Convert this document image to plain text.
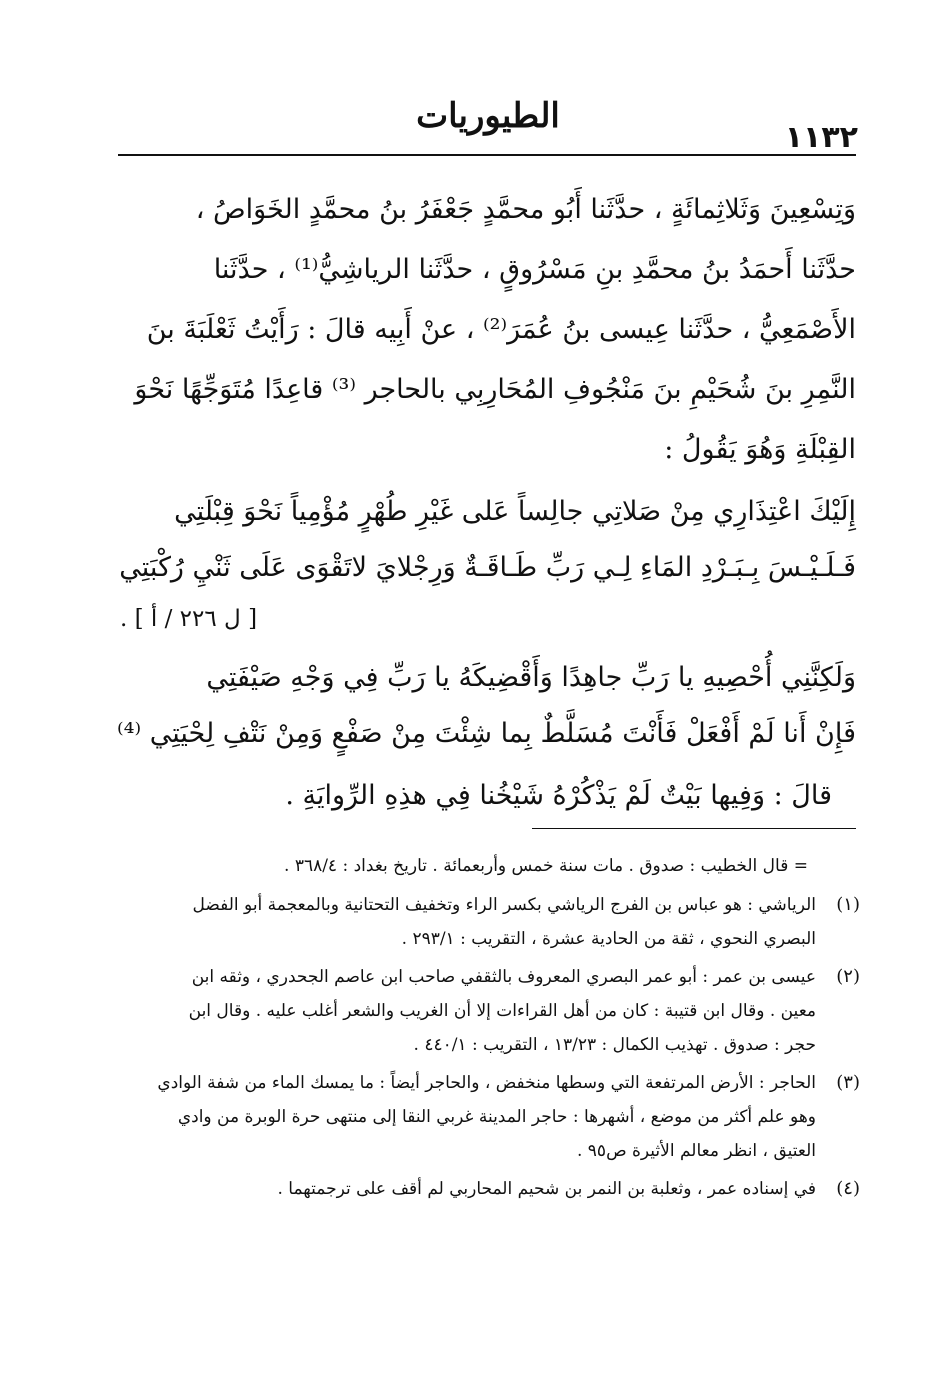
الطيوريات
١١٣٢
وَتِسْعِينَ وَثَلاثِمائَةٍ ، حدَّثَنا أَبُو محمَّدٍ جَعْفَرُ بنُ محمَّدٍ الخَوَاصُ ،
حدَّثَنا أَحمَدُ بنُ محمَّدِ بنِ مَسْرُوقٍ ، حدَّثَنا الرياشِيُّ⁽¹⁾ ، حدَّثَنا
الأَصْمَعِيُّ ، حدَّثَنا عِيسى بنُ عُمَرَ⁽²⁾ ، عنْ أَبِيه قالَ : رَأَيْتُ ثَعْلَبَةَ بنَ
النَّمِرِ بنَ شُحَيْمِ بنَ مَنْجُوفِ المُحَارِبِي بالحاجر ⁽³⁾ قاعِدًا مُتَوَجِّهًا نَحْوَ
القِبْلَةِ وَهُوَ يَقُولُ :
إِلَيْكَ اعْتِذَارِي مِنْ صَلاتِي جالِساً عَلى غَيْرِ طُهْرٍ مُؤْمِياً نَحْوَ قِبْلَتِي
فَـلَـيْـسَ بِـبَـرْدِ المَاءِ لِـي رَبِّ طَـاقَـةٌ وَرِجْلايَ لاتَقْوَى عَلَى ثَنْيِ رُكْبَتِي
[ ل ٢٢٦ / أ ] .
وَلَكِنَّنِي أُحْصِيهِ يا رَبِّ جاهِدًا وَأَقْضِيكَهُ يا رَبِّ فِي وَجْهِ صَيْفَتِي
فَإِنْ أَنا لَمْ أَفْعَلْ فَأَنْتَ مُسَلَّطٌ بِما شِئْتَ مِنْ صَفْعٍ وَمِنْ نَتْفِ لِحْيَتِي ⁽⁴⁾
قالَ : وَفِيها بَيْتٌ لَمْ يَذْكُرْهُ شَيْخُنا فِي هذِهِ الرِّوايَةِ .
= قال الخطيب : صدوق . مات سنة خمس وأربعمائة . تاريخ بغداد : ٣٦٨/٤ .
(١)
الرياشي : هو عباس بن الفرج الرياشي بكسر الراء وتخفيف التحتانية وبالمعجمة أبو الفضل
البصري النحوي ، ثقة من الحادية عشرة ، التقريب : ٢٩٣/١ .
(٢)
عيسى بن عمر : أبو عمر البصري المعروف بالثقفي صاحب ابن عاصم الجحدري ، وثقه ابن
معين . وقال ابن قتيبة : كان من أهل القراءات إلا أن الغريب والشعر أغلب عليه . وقال ابن
حجر : صدوق . تهذيب الكمال : ١٣/٢٣ ، التقريب : ٤٤٠/١ .
(٣)
الحاجر : الأرض المرتفعة التي وسطها منخفض ، والحاجر أيضاً : ما يمسك الماء من شفة الوادي
وهو علم أكثر من موضع ، أشهرها : حاجر المدينة غربي النقا إلى منتهى حرة الوبرة من وادي
العتيق ، انظر معالم الأثيرة ص٩٥ .
(٤)
في إسناده عمر ، وثعلبة بن النمر بن شحيم المحاربي لم أقف على ترجمتهما .
